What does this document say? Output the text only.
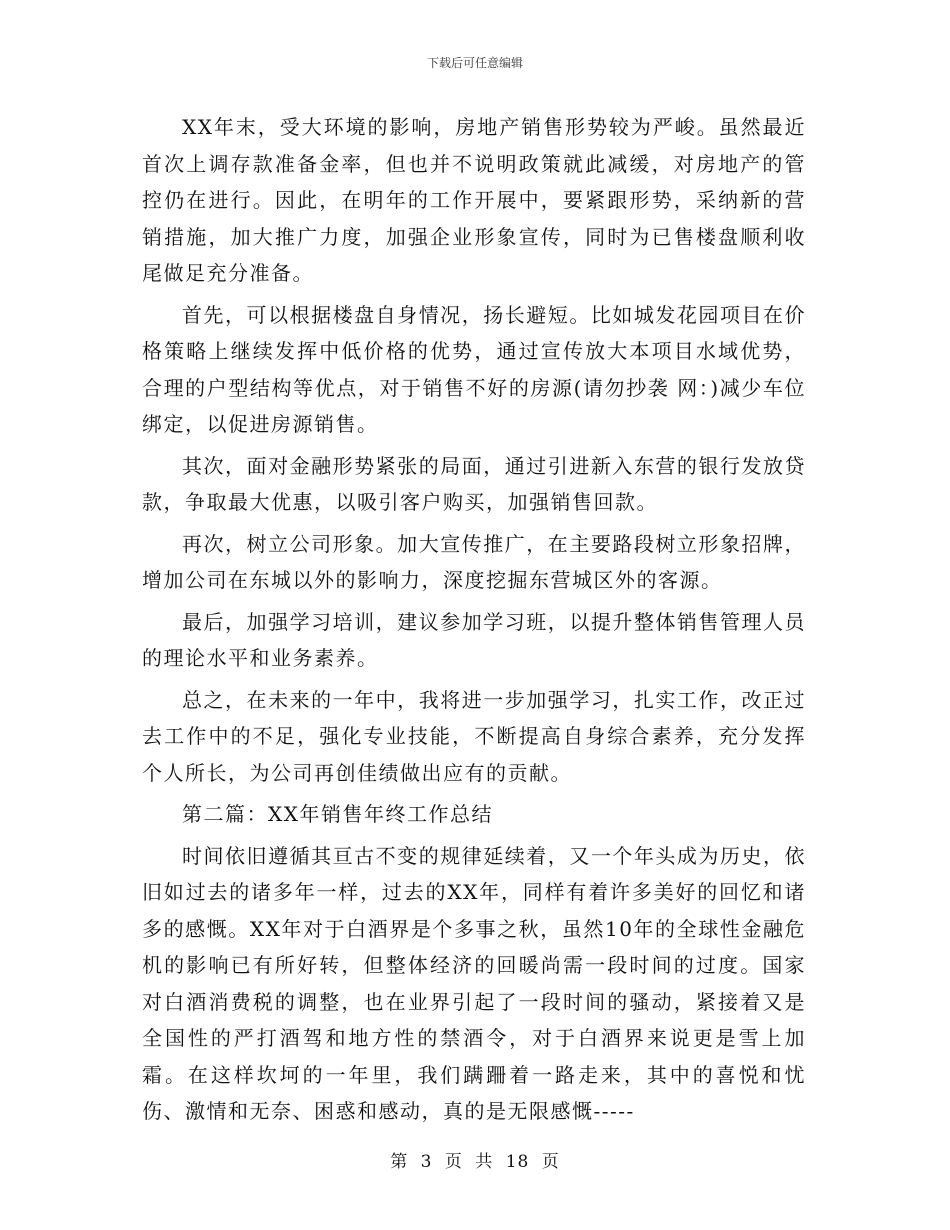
下载后可任意编辑

XX年末，受大环境的影响，房地产销售形势较为严峻。虽然最近首次上调存款准备金率，但也并不说明政策就此减缓，对房地产的管控仍在进行。因此，在明年的工作开展中，要紧跟形势，采纳新的营销措施，加大推广力度，加强企业形象宣传，同时为已售楼盘顺利收尾做足充分准备。

首先，可以根据楼盘自身情况，扬长避短。比如城发花园项目在价格策略上继续发挥中低价格的优势，通过宣传放大本项目水域优势，合理的户型结构等优点，对于销售不好的房源(请勿抄袭 网：)减少车位绑定，以促进房源销售。

其次，面对金融形势紧张的局面，通过引进新入东营的银行发放贷款，争取最大优惠，以吸引客户购买，加强销售回款。

再次，树立公司形象。加大宣传推广，在主要路段树立形象招牌，增加公司在东城以外的影响力，深度挖掘东营城区外的客源。

最后，加强学习培训，建议参加学习班，以提升整体销售管理人员的理论水平和业务素养。

总之，在未来的一年中，我将进一步加强学习，扎实工作，改正过去工作中的不足，强化专业技能，不断提高自身综合素养，充分发挥个人所长，为公司再创佳绩做出应有的贡献。

第二篇：XX年销售年终工作总结

时间依旧遵循其亘古不变的规律延续着，又一个年头成为历史，依旧如过去的诸多年一样，过去的XX年，同样有着许多美好的回忆和诸多的感慨。XX年对于白酒界是个多事之秋，虽然10年的全球性金融危机的影响已有所好转，但整体经济的回暖尚需一段时间的过度。国家对白酒消费税的调整，也在业界引起了一段时间的骚动，紧接着又是全国性的严打酒驾和地方性的禁酒令，对于白酒界来说更是雪上加霜。在这样坎坷的一年里，我们蹒跚着一路走来，其中的喜悦和忧伤、激情和无奈、困惑和感动，真的是无限感慨-----

第 3 页 共 18 页
